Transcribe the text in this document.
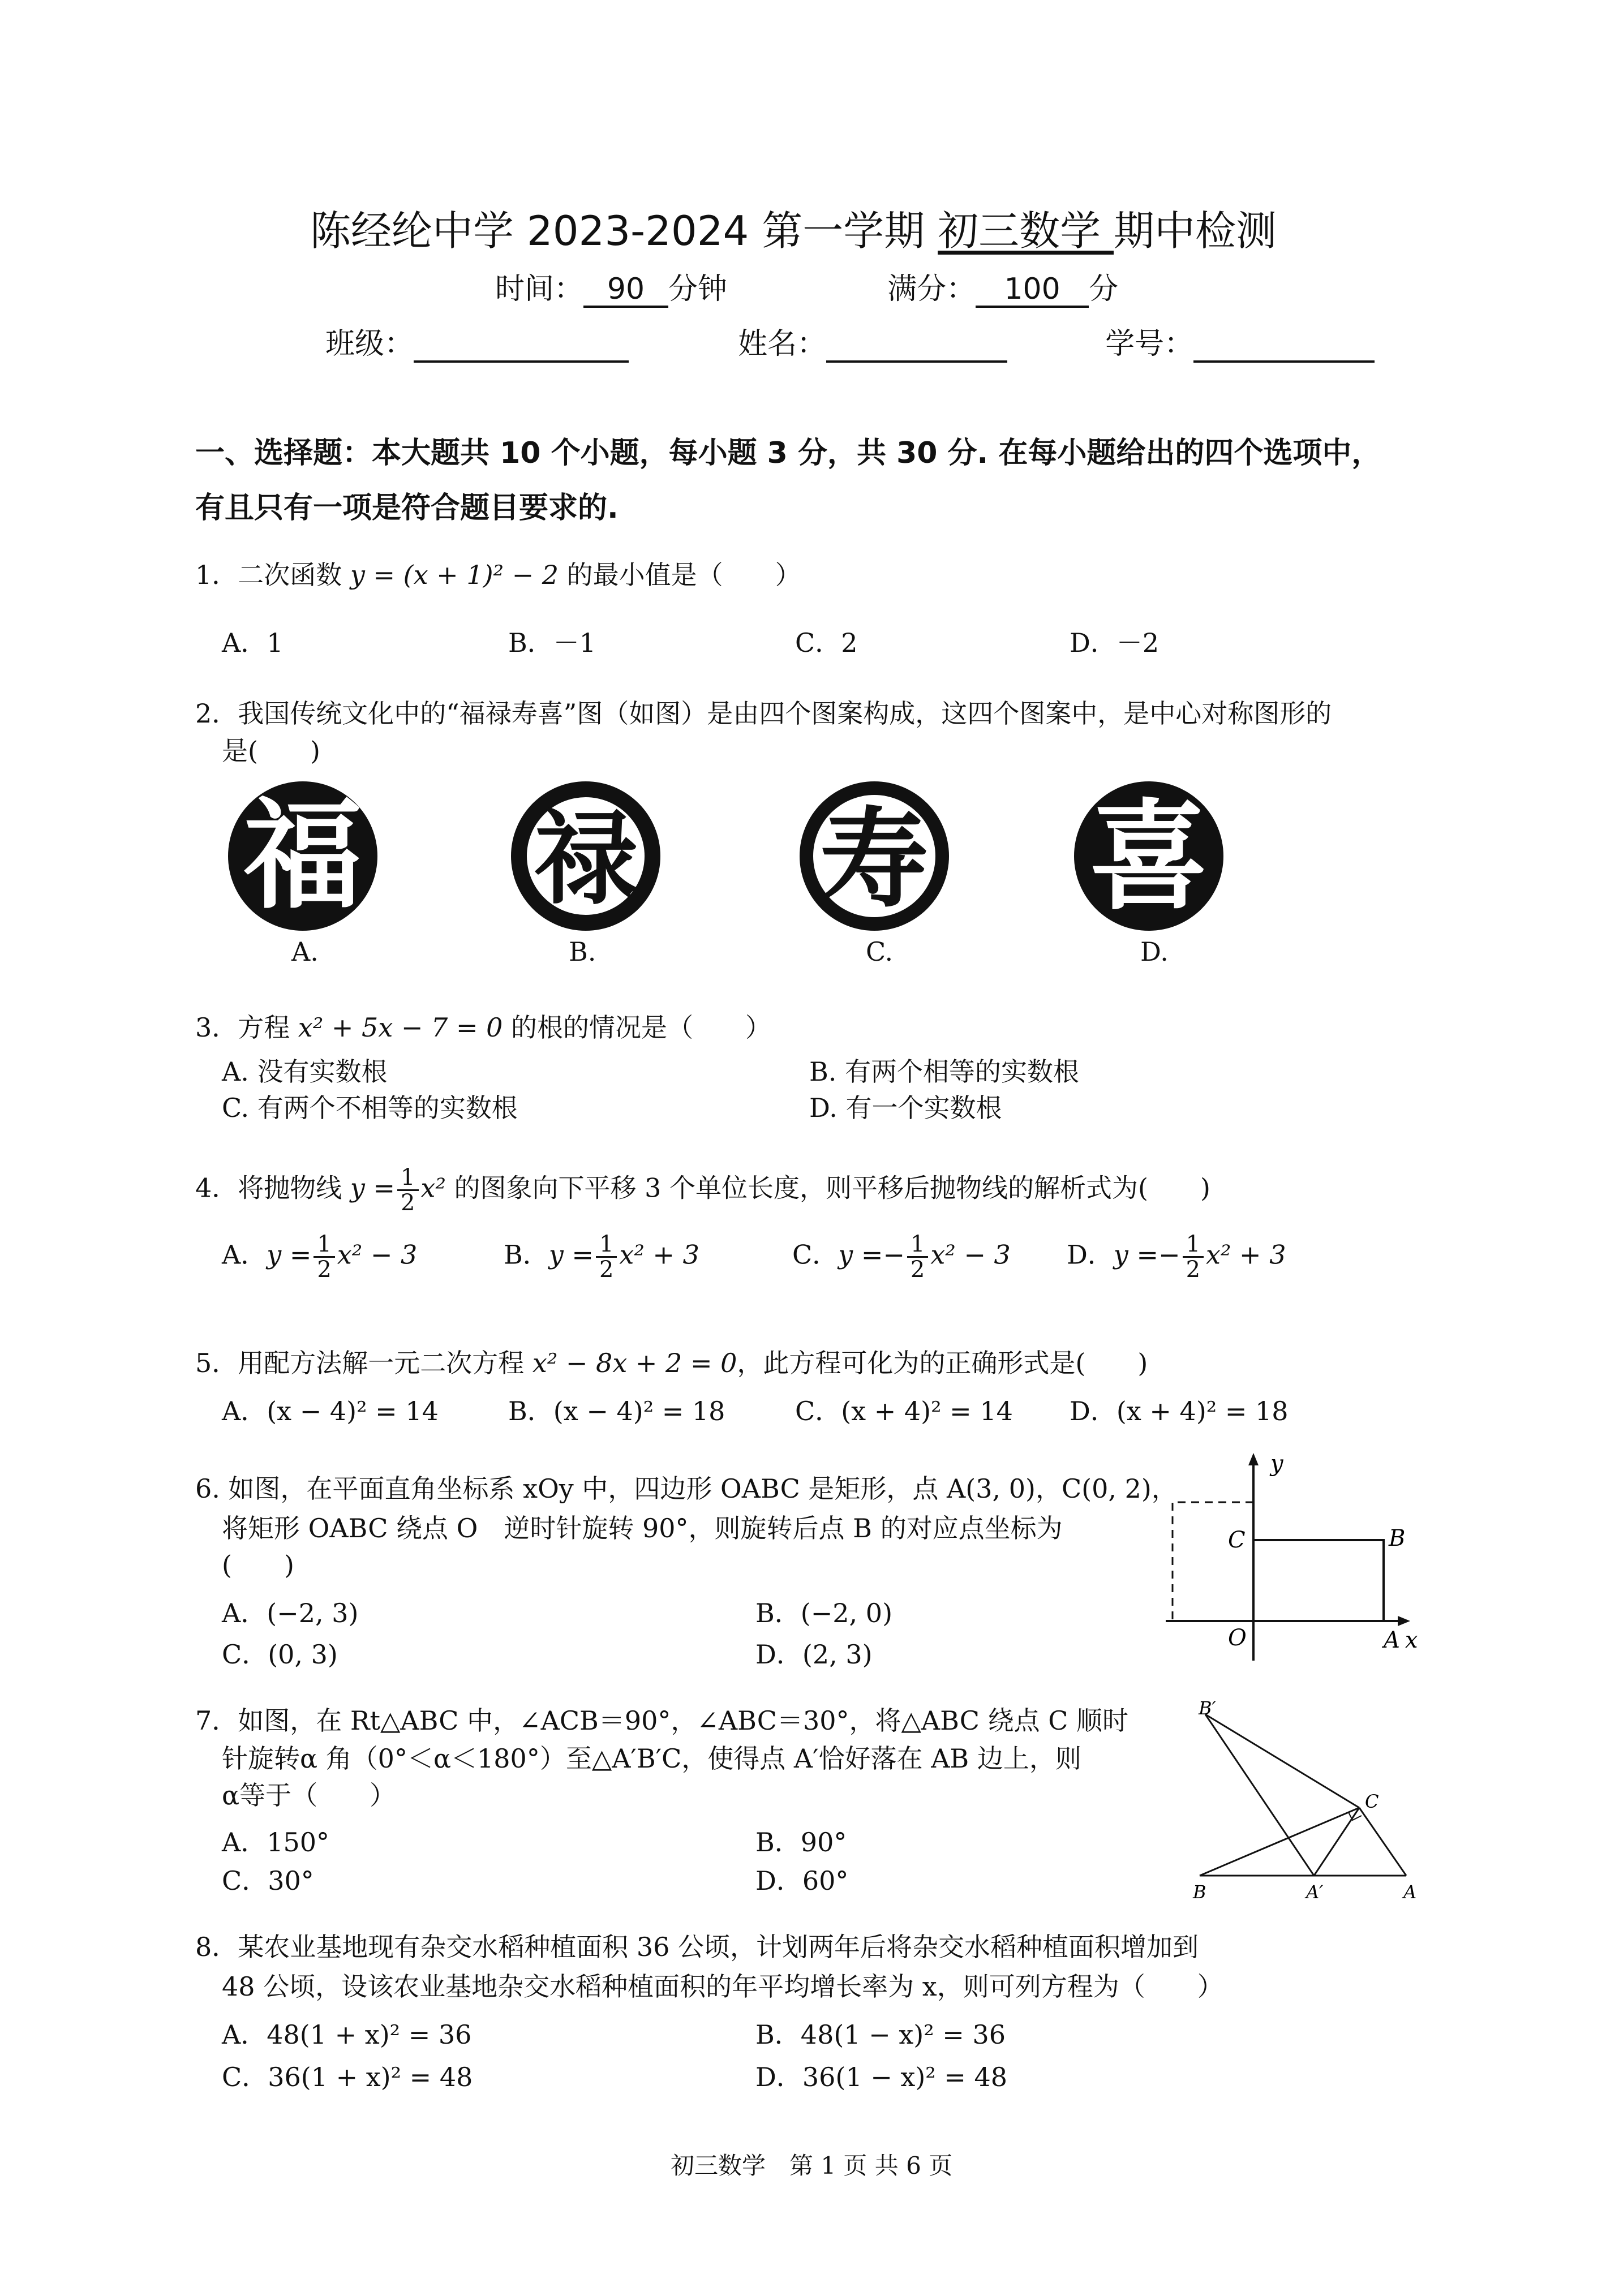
陈经纶中学 2023-2024 第一学期 初三数学 期中检测
时间： 90 分钟	满分： 100 分
班级：	姓名：	学号：
一、选择题：本大题共 10 个小题，每小题 3 分，共 30 分. 在每小题给出的四个选项中，
有且只有一项是符合题目要求的.
1．二次函数 y = (x + 1)² − 2 的最小值是（　　）
A．1	B．－1	C．2	D．－2
2．我国传统文化中的“福禄寿喜”图（如图）是由四个图案构成，这四个图案中，是中心对称图形的
是(　　)
福 禄 寿 喜
A.	B.	C.	D.
3．方程 x² + 5x − 7 = 0 的根的情况是（　　）
A. 没有实数根	B. 有两个相等的实数根
C. 有两个不相等的实数根	D. 有一个实数根
4．将抛物线 $y = \frac{1}{2} x^2$ 的图象向下平移 3 个单位长度，则平移后抛物线的解析式为(　　)
A．$y = \frac{1}{2} x^2 - 3$	B．$y = \frac{1}{2} x^2 + 3$	C．$y =- \frac{1}{2} x^2 - 3$ D．$y =- \frac{1}{2} x^2 + 3$
5．用配方法解一元二次方程 x² − 8x + 2 = 0，此方程可化为的正确形式是(　　)
A．(x − 4)² = 14	B．(x − 4)² = 18	C．(x + 4)² = 14 D．(x + 4)² = 18
6. 如图，在平面直角坐标系 xOy 中，四边形 OABC 是矩形，点 A(3, 0)，C(0, 2)，
将矩形 OABC 绕点 O　逆时针旋转 90°，则旋转后点 B 的对应点坐标为
(　　)
A．(−2, 3)	B．(−2, 0)
C．(0, 3)	D．(2, 3)
y
A x
O
C	B
7．如图，在 Rt△ABC 中，∠ACB＝90°，∠ABC＝30°，将△ABC 绕点 C 顺时
针旋转α 角（0°＜α＜180°）至△A′B′C，使得点 A′恰好落在 AB 边上，则
α等于（　　）
A．150°	B．90°
C．30°	D．60°
B′
C
B	A′	A
8．某农业基地现有杂交水稻种植面积 36 公顷，计划两年后将杂交水稻种植面积增加到
48 公顷，设该农业基地杂交水稻种植面积的年平均增长率为 x，则可列方程为（　　）
A．48(1 + x)² = 36	B．48(1 − x)² = 36
C．36(1 + x)² = 48	D．36(1 − x)² = 48
初三数学　第 1 页 共 6 页
